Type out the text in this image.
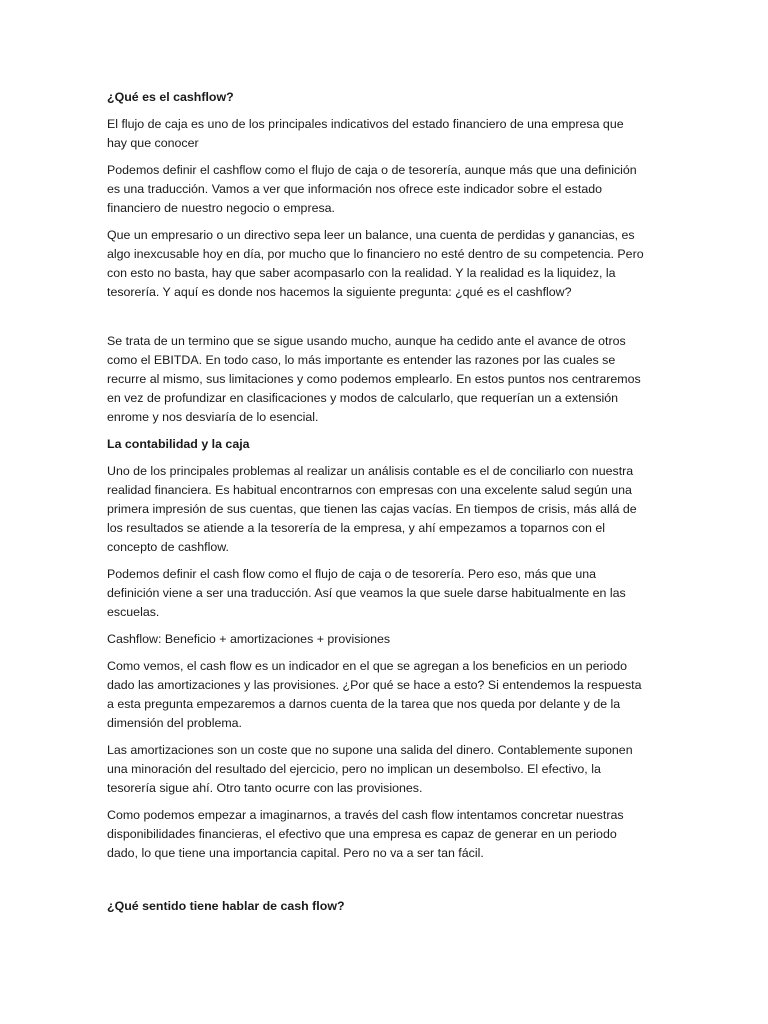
¿Qué es el cashflow?

El flujo de caja es uno de los principales indicativos del estado financiero de una empresa que hay que conocer

Podemos definir el cashflow como el flujo de caja o de tesorería, aunque más que una definición es una traducción. Vamos a ver que información nos ofrece este indicador sobre el estado financiero de nuestro negocio o empresa.

Que un empresario o un directivo sepa leer un balance, una cuenta de perdidas y ganancias, es algo inexcusable hoy en día, por mucho que lo financiero no esté dentro de su competencia. Pero con esto no basta, hay que saber acompasarlo con la realidad. Y la realidad es la liquidez, la tesorería. Y aquí es donde nos hacemos la siguiente pregunta: ¿qué es el cashflow?

Se trata de un termino que se sigue usando mucho, aunque ha cedido ante el avance de otros como el EBITDA. En todo caso, lo más importante es entender las razones por las cuales se recurre al mismo, sus limitaciones y como podemos emplearlo. En estos puntos nos centraremos en vez de profundizar en clasificaciones y modos de calcularlo, que requerían un a extensión enrome y nos desviaría de lo esencial.

La contabilidad y la caja

Uno de los principales problemas al realizar un análisis contable es el de conciliarlo con nuestra realidad financiera. Es habitual encontrarnos con empresas con una excelente salud según una primera impresión de sus cuentas, que tienen las cajas vacías. En tiempos de crisis, más allá de los resultados se atiende a la tesorería de la empresa, y ahí empezamos a toparnos con el concepto de cashflow.

Podemos definir el cash flow como el flujo de caja o de tesorería. Pero eso, más que una definición viene a ser una traducción. Así que veamos la que suele darse habitualmente en las escuelas.

Cashflow: Beneficio + amortizaciones + provisiones

Como vemos, el cash flow es un indicador en el que se agregan a los beneficios en un periodo dado las amortizaciones y las provisiones. ¿Por qué se hace a esto? Si entendemos la respuesta a esta pregunta empezaremos a darnos cuenta de la tarea que nos queda por delante y de la dimensión del problema.

Las amortizaciones son un coste que no supone una salida del dinero. Contablemente suponen una minoración del resultado del ejercicio, pero no implican un desembolso. El efectivo, la tesorería sigue ahí. Otro tanto ocurre con las provisiones.

Como podemos empezar a imaginarnos, a través del cash flow intentamos concretar nuestras disponibilidades financieras, el efectivo que una empresa es capaz de generar en un periodo dado, lo que tiene una importancia capital. Pero no va a ser tan fácil.

¿Qué sentido tiene hablar de cash flow?
